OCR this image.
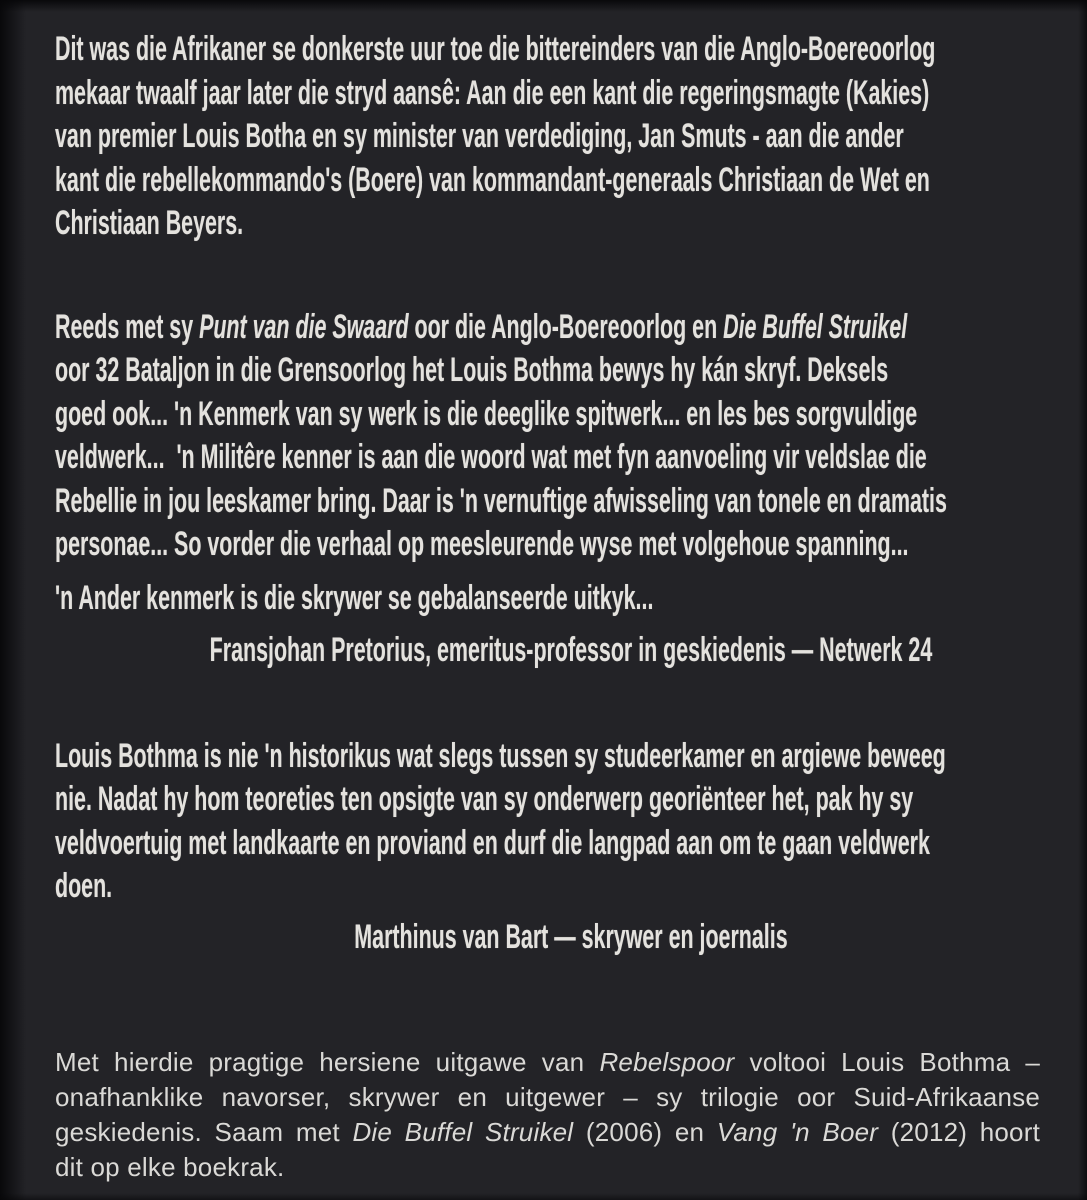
Dit was die Afrikaner se donkerste uur toe die bittereinders van die Anglo-Boereoorlog
mekaar twaalf jaar later die stryd aansê: Aan die een kant die regeringsmagte (Kakies)
van premier Louis Botha en sy minister van verdediging, Jan Smuts - aan die ander
kant die rebellekommando's (Boere) van kommandant-generaals Christiaan de Wet en
Christiaan Beyers.
Reeds met sy Punt van die Swaard oor die Anglo-Boereoorlog en Die Buffel Struikel
oor 32 Bataljon in die Grensoorlog het Louis Bothma bewys hy kán skryf. Deksels
goed ook... 'n Kenmerk van sy werk is die deeglike spitwerk... en les bes sorgvuldige
veldwerk...  'n Militêre kenner is aan die woord wat met fyn aanvoeling vir veldslae die
Rebellie in jou leeskamer bring. Daar is 'n vernuftige afwisseling van tonele en dramatis
personae... So vorder die verhaal op meesleurende wyse met volgehoue spanning...
'n Ander kenmerk is die skrywer se gebalanseerde uitkyk...
Fransjohan Pretorius, emeritus-professor in geskiedenis — Netwerk 24
Louis Bothma is nie 'n historikus wat slegs tussen sy studeerkamer en argiewe beweeg
nie. Nadat hy hom teoreties ten opsigte van sy onderwerp georiënteer het, pak hy sy
veldvoertuig met landkaarte en proviand en durf die langpad aan om te gaan veldwerk
doen.
Marthinus van Bart — skrywer en joernalis
Met hierdie pragtige hersiene uitgawe van Rebelspoor voltooi Louis Bothma –
onafhanklike navorser, skrywer en uitgewer – sy trilogie oor Suid-Afrikaanse
geskiedenis. Saam met Die Buffel Struikel (2006) en Vang 'n Boer (2012) hoort
dit op elke boekrak.
